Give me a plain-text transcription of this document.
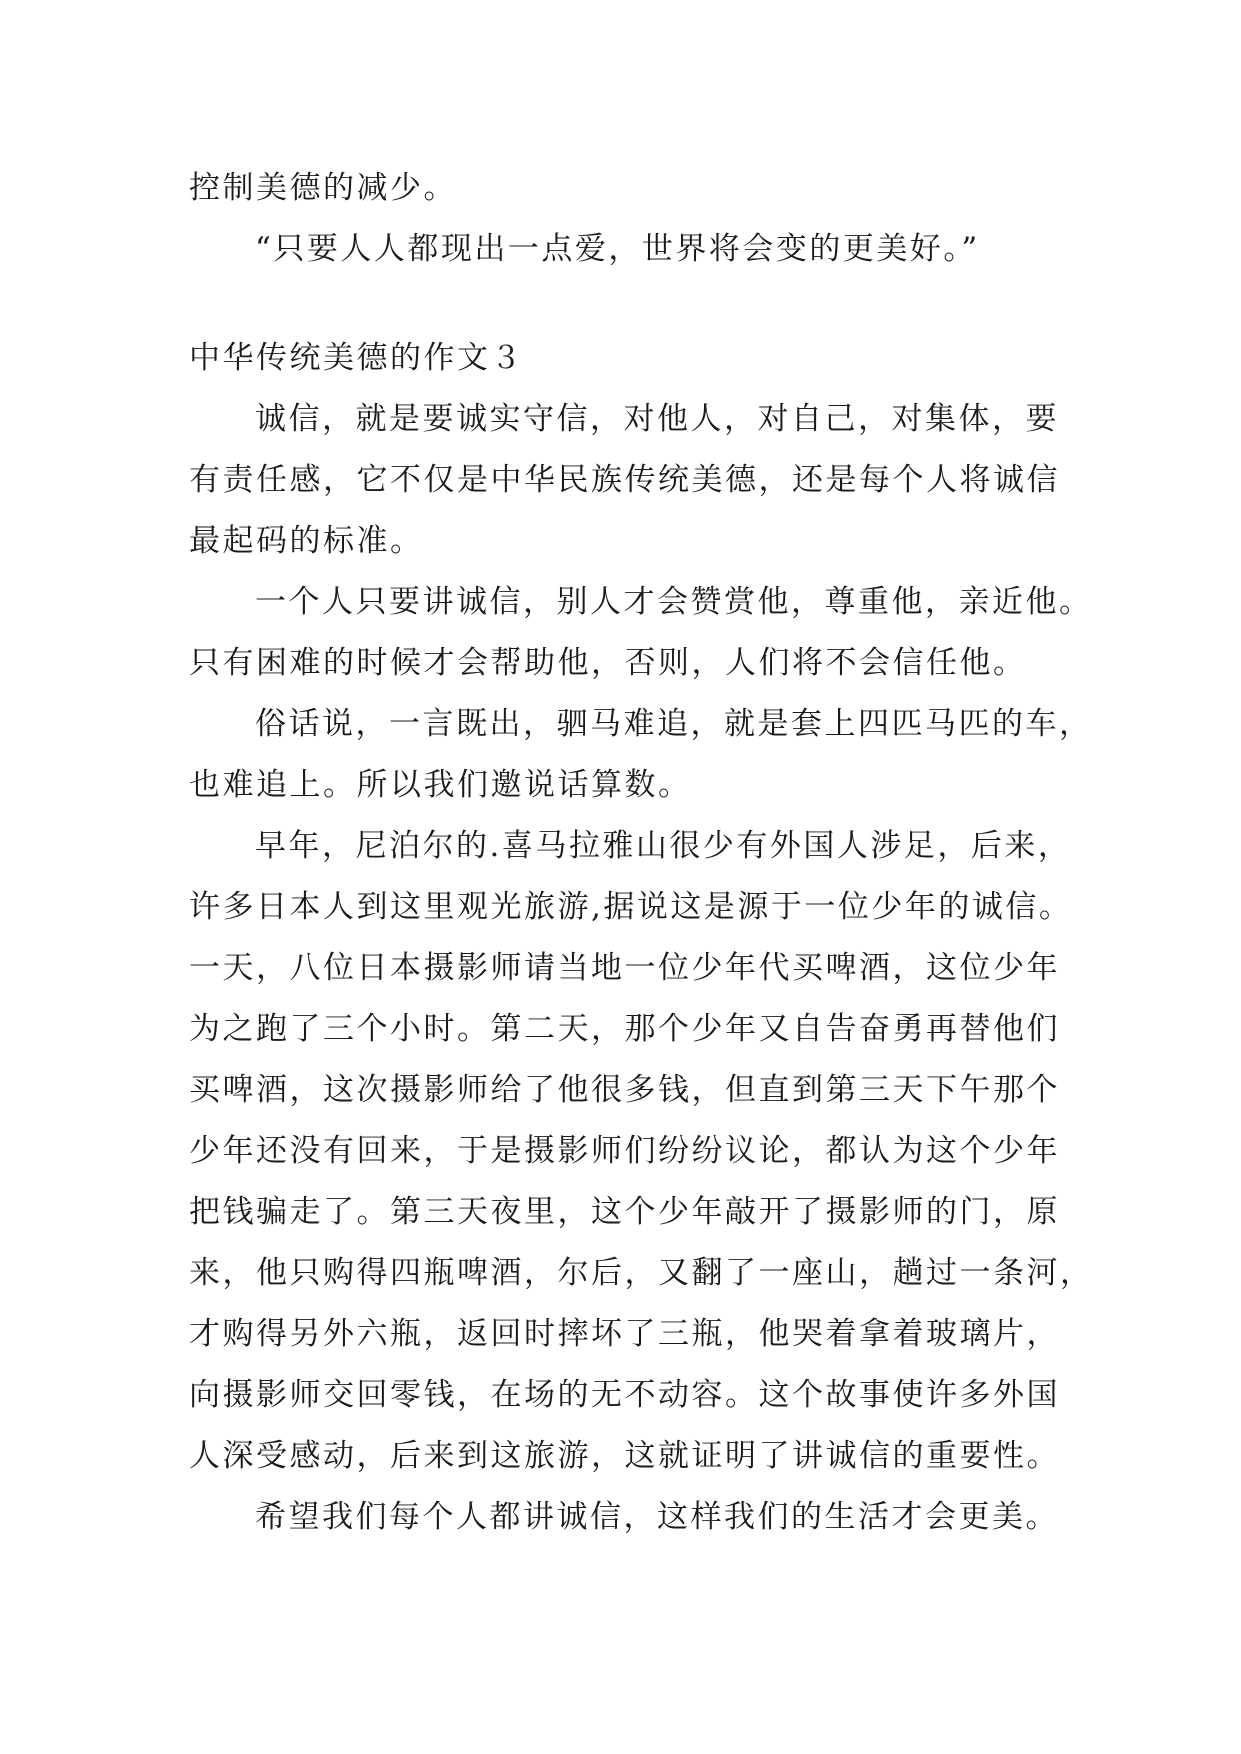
控制美德的减少。
“只要人人都现出一点爱，世界将会变的更美好。”
中华传统美德的作文３
诚信，就是要诚实守信，对他人，对自己，对集体，要
有责任感，它不仅是中华民族传统美德，还是每个人将诚信
最起码的标准。
一个人只要讲诚信，别人才会赞赏他，尊重他，亲近他。
只有困难的时候才会帮助他，否则，人们将不会信任他。
俗话说，一言既出，驷马难追，就是套上四匹马匹的车，
也难追上。所以我们邀说话算数。
早年，尼泊尔的.喜马拉雅山很少有外国人涉足，后来，
许多日本人到这里观光旅游,据说这是源于一位少年的诚信。
一天，八位日本摄影师请当地一位少年代买啤酒，这位少年
为之跑了三个小时。第二天，那个少年又自告奋勇再替他们
买啤酒，这次摄影师给了他很多钱，但直到第三天下午那个
少年还没有回来，于是摄影师们纷纷议论，都认为这个少年
把钱骗走了。第三天夜里，这个少年敲开了摄影师的门，原
来，他只购得四瓶啤酒，尔后，又翻了一座山，趟过一条河，
才购得另外六瓶，返回时摔坏了三瓶，他哭着拿着玻璃片，
向摄影师交回零钱，在场的无不动容。这个故事使许多外国
人深受感动，后来到这旅游，这就证明了讲诚信的重要性。
希望我们每个人都讲诚信，这样我们的生活才会更美。
